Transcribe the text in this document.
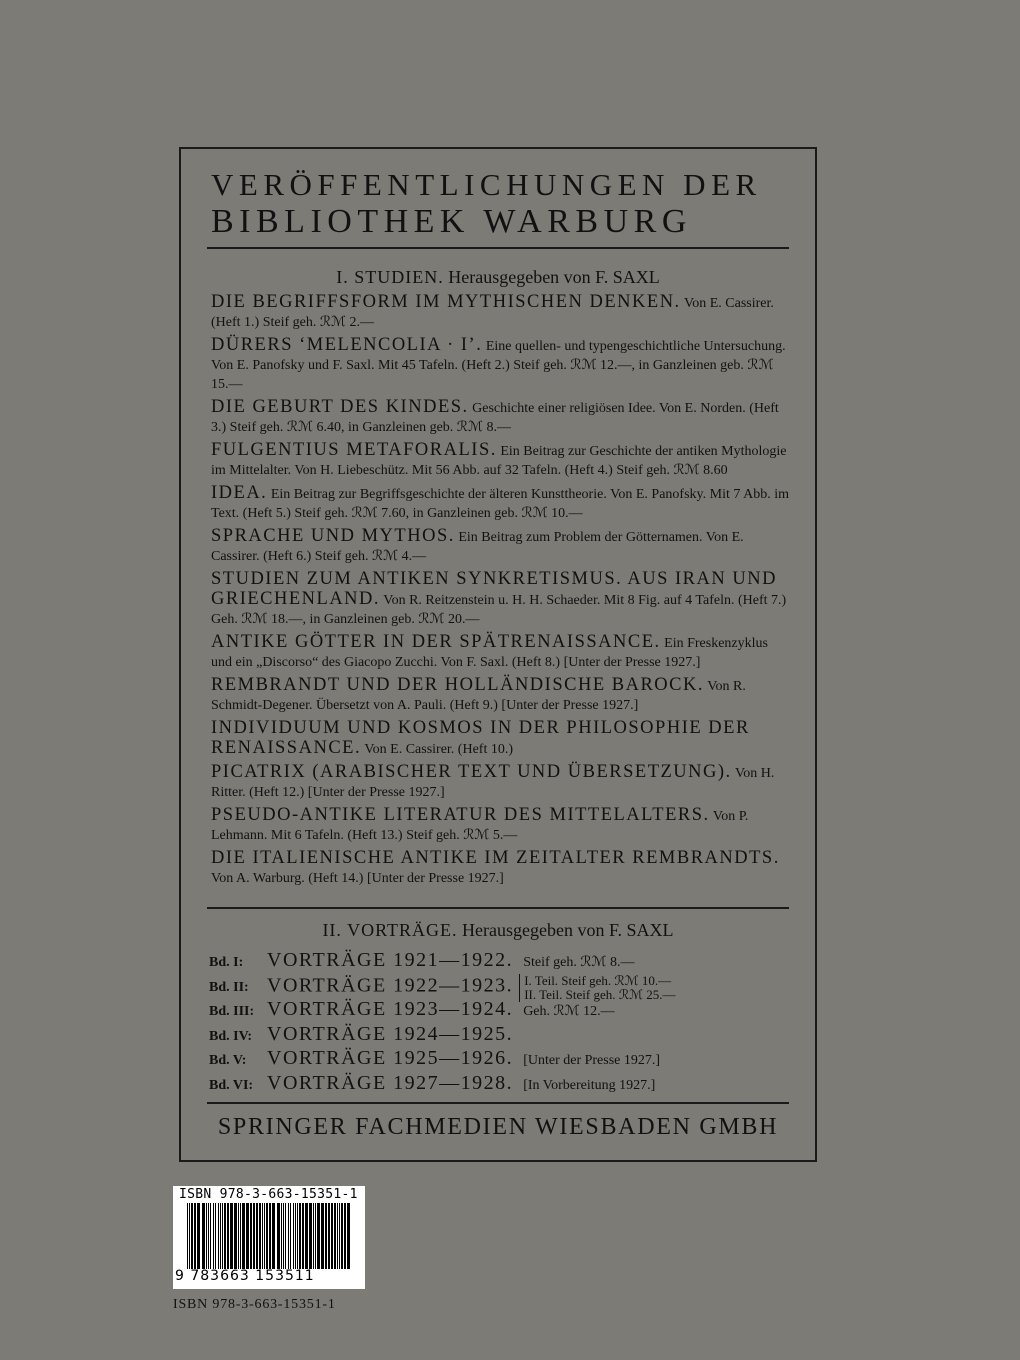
VERÖFFENTLICHUNGEN DER
BIBLIOTHEK WARBURG
I. STUDIEN. Herausgegeben von F. SAXL
DIE BEGRIFFSFORM IM MYTHISCHEN DENKEN. Von E. Cassirer. (Heft 1.) Steif geh. ℛℳ 2.—
DÜRERS ‘MELENCOLIA · I’. Eine quellen- und typengeschichtliche Untersuchung. Von E. Panofsky und F. Saxl. Mit 45 Tafeln. (Heft 2.) Steif geh. ℛℳ 12.—, in Ganzleinen geb. ℛℳ 15.—
DIE GEBURT DES KINDES. Geschichte einer religiösen Idee. Von E. Norden. (Heft 3.) Steif geh. ℛℳ 6.40, in Ganzleinen geb. ℛℳ 8.—
FULGENTIUS METAFORALIS. Ein Beitrag zur Geschichte der antiken Mythologie im Mittelalter. Von H. Liebeschütz. Mit 56 Abb. auf 32 Tafeln. (Heft 4.) Steif geh. ℛℳ 8.60
IDEA. Ein Beitrag zur Begriffsgeschichte der älteren Kunsttheorie. Von E. Panofsky. Mit 7 Abb. im Text. (Heft 5.) Steif geh. ℛℳ 7.60, in Ganzleinen geb. ℛℳ 10.—
SPRACHE UND MYTHOS. Ein Beitrag zum Problem der Götternamen. Von E. Cassirer. (Heft 6.) Steif geh. ℛℳ 4.—
STUDIEN ZUM ANTIKEN SYNKRETISMUS. AUS IRAN UND GRIECHENLAND. Von R. Reitzenstein u. H. H. Schaeder. Mit 8 Fig. auf 4 Tafeln. (Heft 7.) Geh. ℛℳ 18.—, in Ganzleinen geb. ℛℳ 20.—
ANTIKE GÖTTER IN DER SPÄTRENAISSANCE. Ein Freskenzyklus und ein „Discorso“ des Giacopo Zucchi. Von F. Saxl. (Heft 8.) [Unter der Presse 1927.]
REMBRANDT UND DER HOLLÄNDISCHE BAROCK. Von R. Schmidt-Degener. Übersetzt von A. Pauli. (Heft 9.) [Unter der Presse 1927.]
INDIVIDUUM UND KOSMOS IN DER PHILOSOPHIE DER RENAISSANCE. Von E. Cassirer. (Heft 10.)
PICATRIX (ARABISCHER TEXT UND ÜBERSETZUNG). Von H. Ritter. (Heft 12.) [Unter der Presse 1927.]
PSEUDO-ANTIKE LITERATUR DES MITTELALTERS. Von P. Lehmann. Mit 6 Tafeln. (Heft 13.) Steif geh. ℛℳ 5.—
DIE ITALIENISCHE ANTIKE IM ZEITALTER REMBRANDTS. Von A. Warburg. (Heft 14.) [Unter der Presse 1927.]
II. VORTRÄGE. Herausgegeben von F. SAXL
Bd. I: VORTRÄGE 1921—1922. Steif geh. ℛℳ 8.—
Bd. II: VORTRÄGE 1922—1923. I. Teil. Steif geh. ℛℳ 10.—
II. Teil. Steif geh. ℛℳ 25.—
Bd. III: VORTRÄGE 1923—1924. Geh. ℛℳ 12.—
Bd. IV: VORTRÄGE 1924—1925.
Bd. V: VORTRÄGE 1925—1926. [Unter der Presse 1927.]
Bd. VI: VORTRÄGE 1927—1928. [In Vorbereitung 1927.]
SPRINGER FACHMEDIEN WIESBADEN GMBH
ISBN 978-3-663-15351-1
9 783663 153511
ISBN 978-3-663-15351-1
